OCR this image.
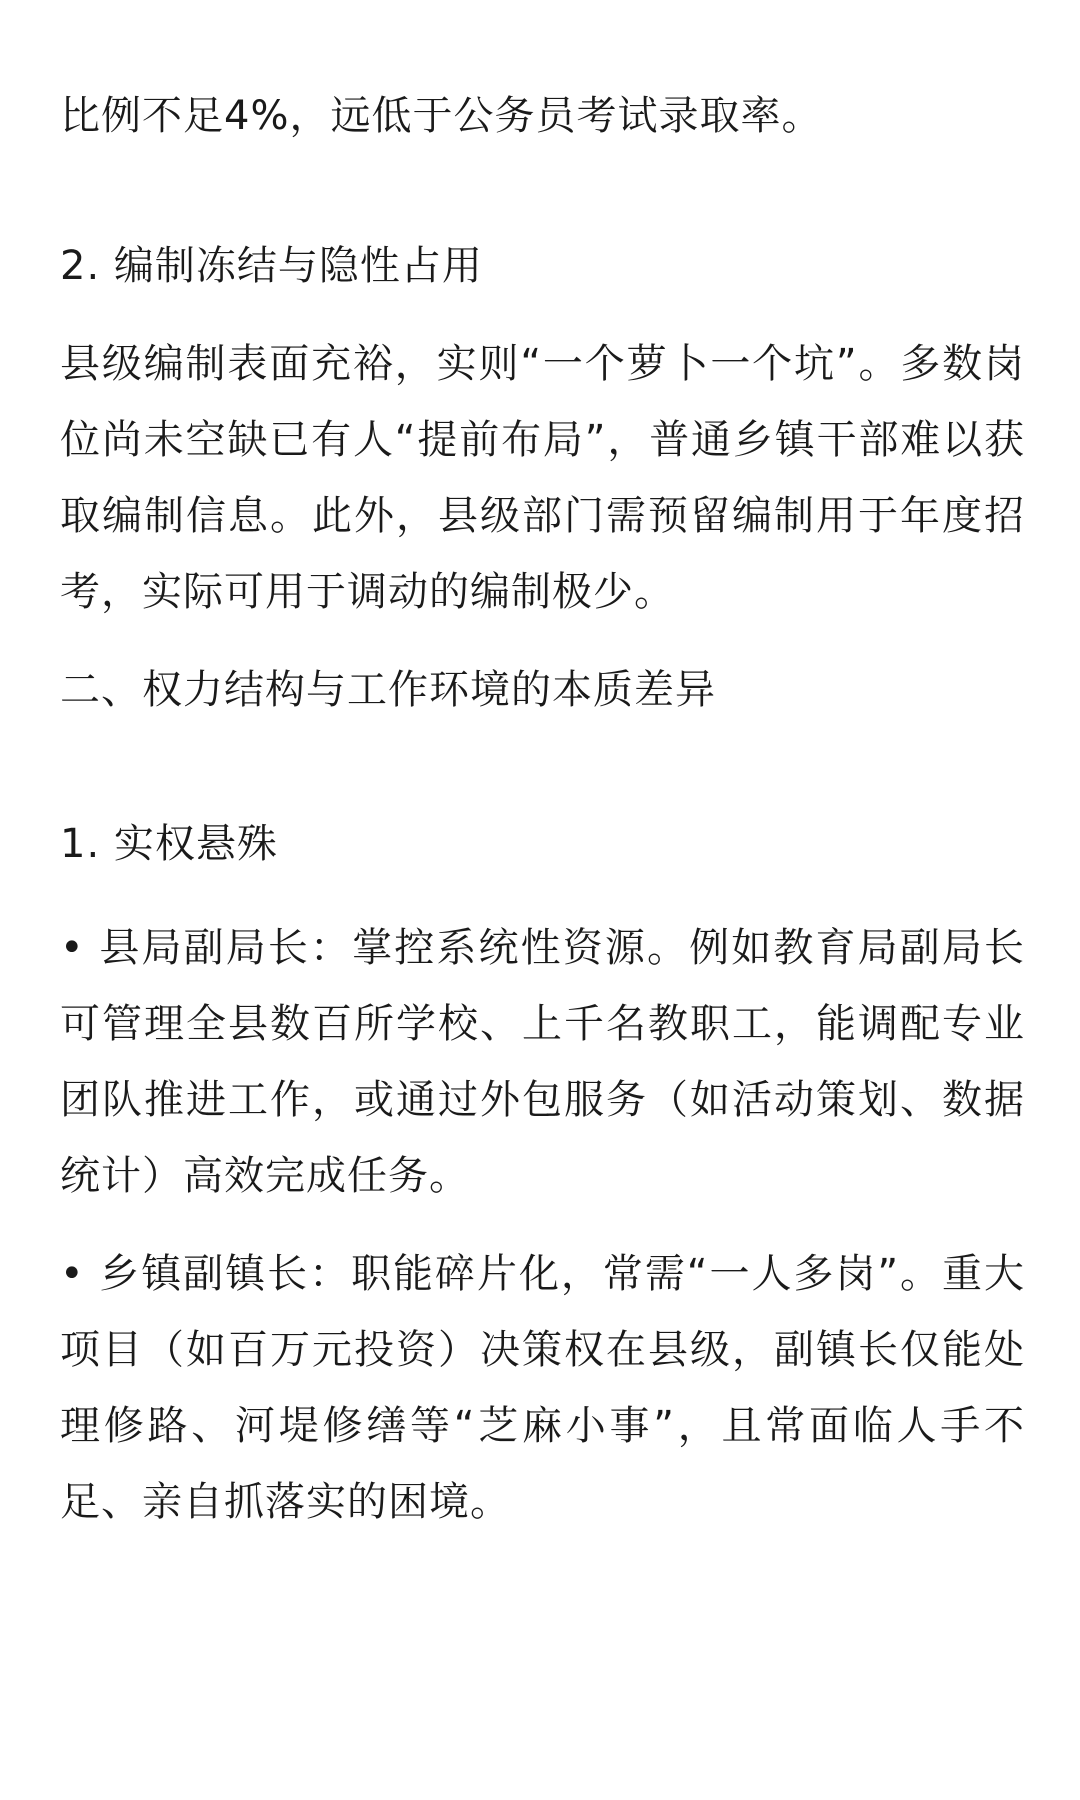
比例不足4%，远低于公务员考试录取率。
2. 编制冻结与隐性占用
县级编制表面充裕，实则“一个萝卜一个坑”。多数岗位尚未空缺已有人“提前布局”，普通乡镇干部难以获取编制信息。此外，县级部门需预留编制用于年度招考，实际可用于调动的编制极少。
二、权力结构与工作环境的本质差异
1. 实权悬殊
• 县局副局长：掌控系统性资源。例如教育局副局长可管理全县数百所学校、上千名教职工，能调配专业团队推进工作，或通过外包服务（如活动策划、数据统计）高效完成任务。
• 乡镇副镇长：职能碎片化，常需“一人多岗”。重大项目（如百万元投资）决策权在县级，副镇长仅能处理修路、河堤修缮等“芝麻小事”，且常面临人手不足、亲自抓落实的困境。
